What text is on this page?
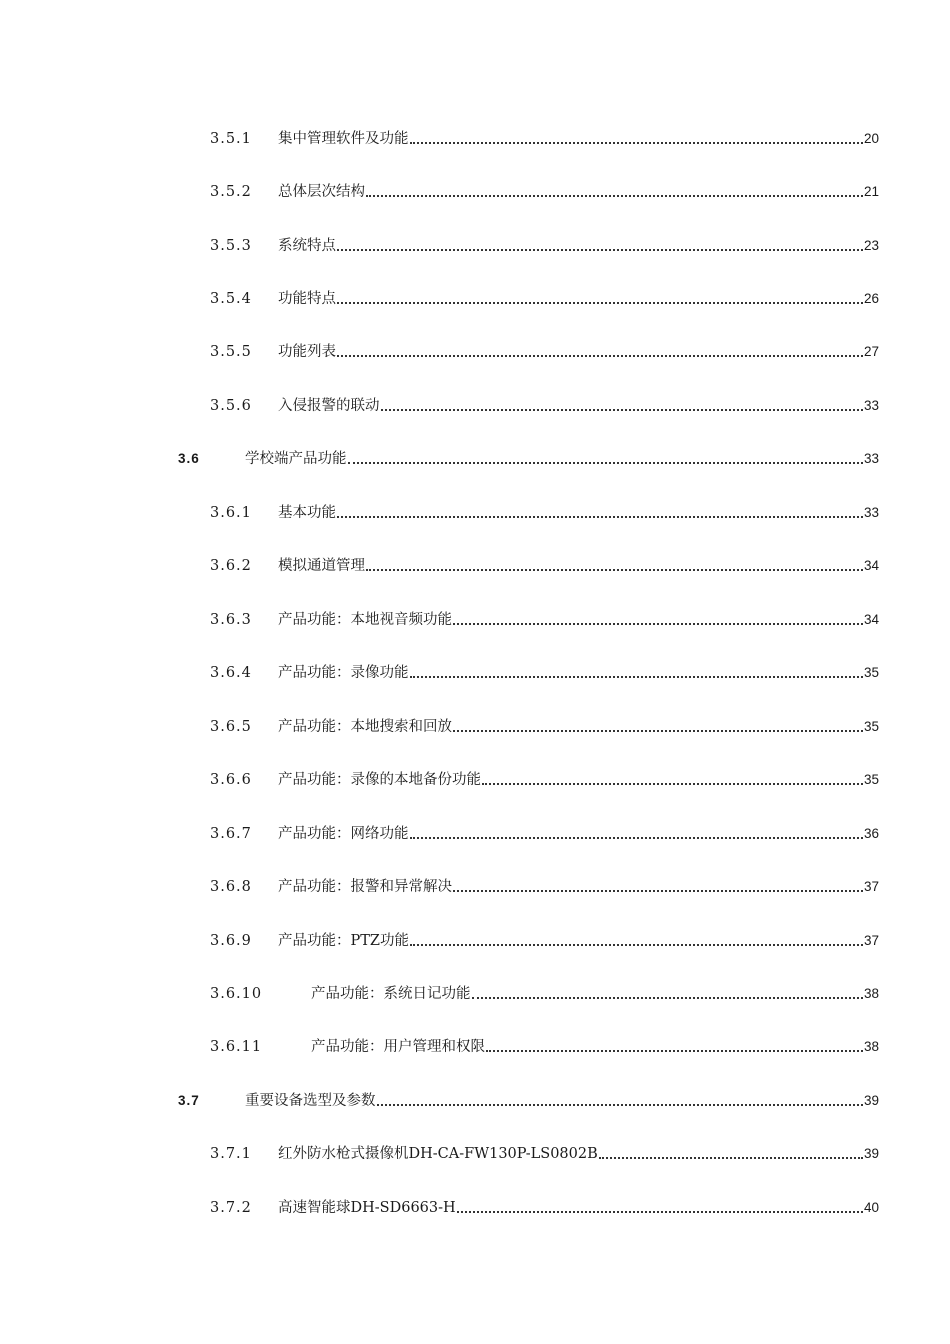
3.5.1	集中管理软件及功能	20
3.5.2	总体层次结构	21
3.5.3	系统特点	23
3.5.4	功能特点	26
3.5.5	功能列表	27
3.5.6	入侵报警的联动	33
3.6	学校端产品功能	33
3.6.1	基本功能	33
3.6.2	模拟通道管理	34
3.6.3	产品功能：本地视音频功能	34
3.6.4	产品功能：录像功能	35
3.6.5	产品功能：本地搜索和回放	35
3.6.6	产品功能：录像的本地备份功能	35
3.6.7	产品功能：网络功能	36
3.6.8	产品功能：报警和异常解决	37
3.6.9	产品功能：PTZ功能	37
3.6.10	产品功能：系统日记功能	38
3.6.11	产品功能：用户管理和权限	38
3.7	重要设备选型及参数	39
3.7.1	红外防水枪式摄像机DH-CA-FW130P-LS0802B	39
3.7.2	高速智能球DH-SD6663-H	40
